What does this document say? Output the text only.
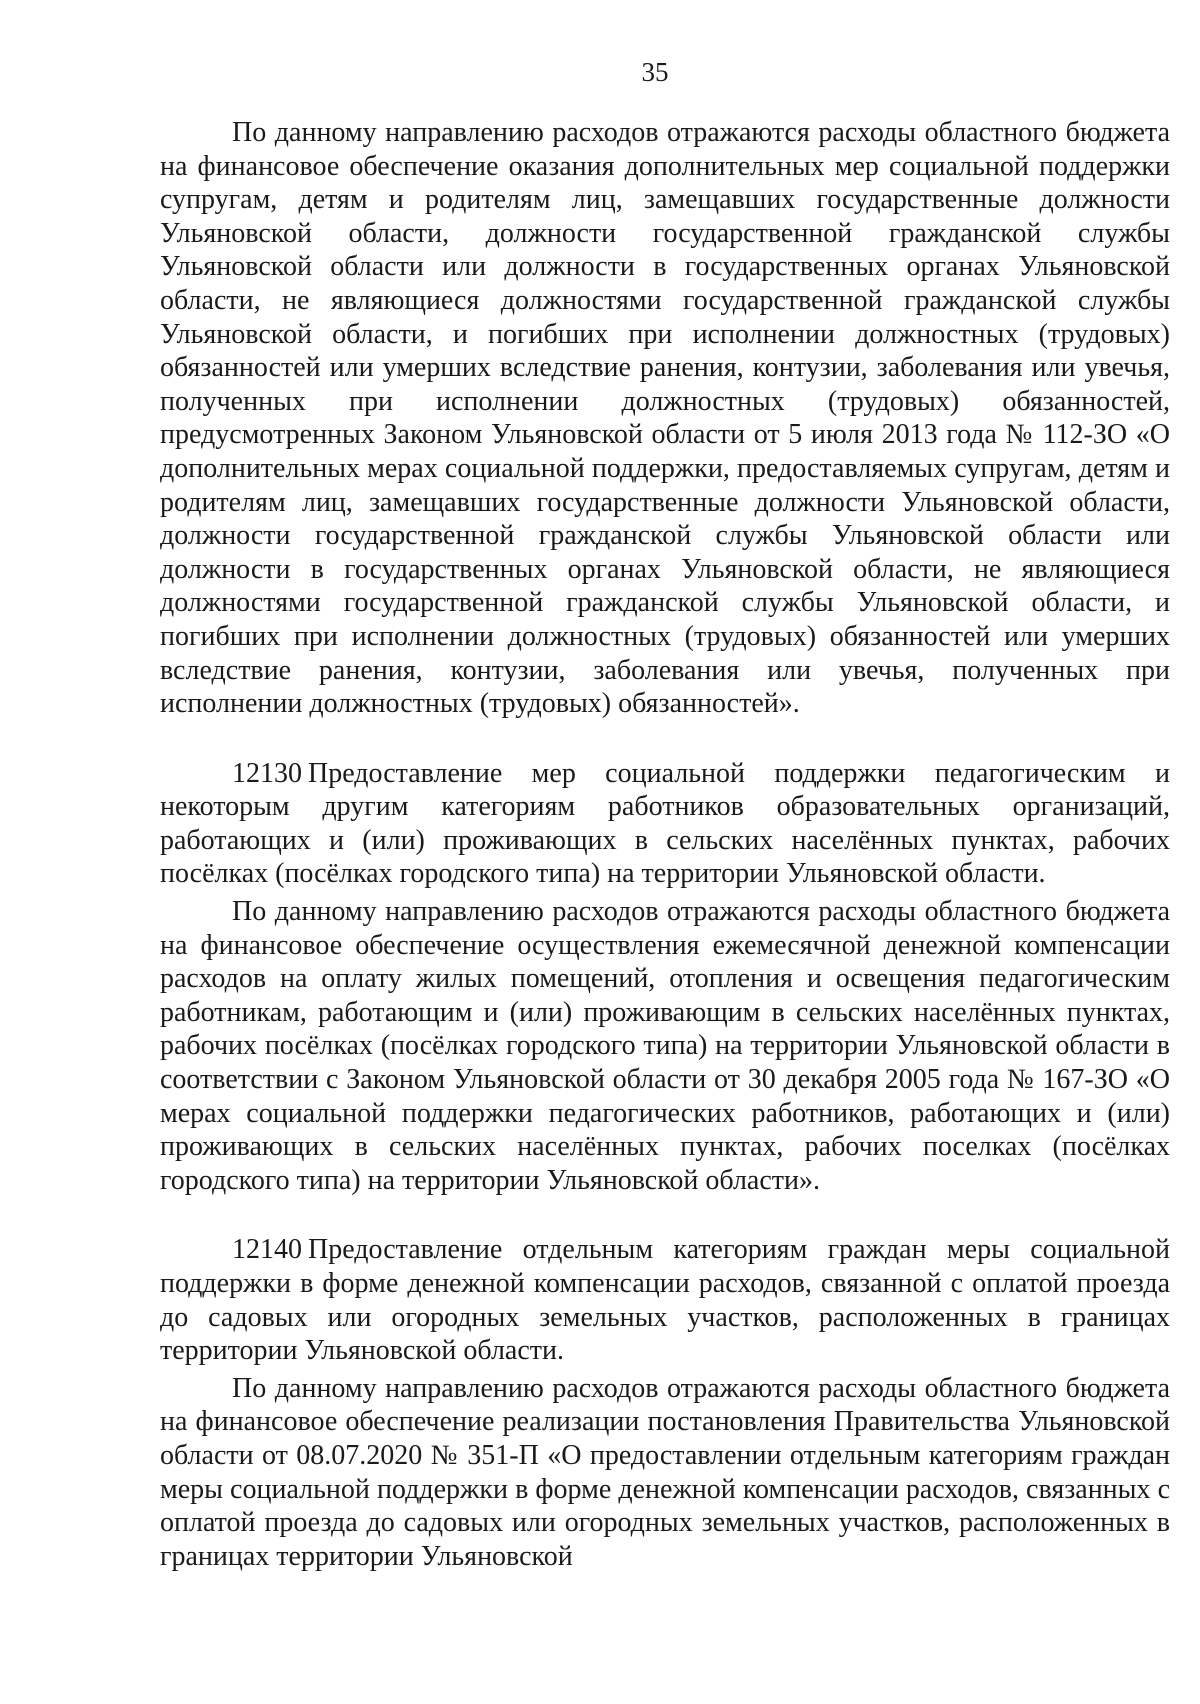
35

По данному направлению расходов отражаются расходы областного бюджета на финансовое обеспечение оказания дополнительных мер социальной поддержки супругам, детям и родителям лиц, замещавших государственные должности Ульяновской области, должности государственной гражданской службы Ульяновской области или должности в государственных органах Ульяновской области, не являющиеся должностями государственной гражданской службы Ульяновской области, и погибших при исполнении должностных (трудовых) обязанностей или умерших вследствие ранения, контузии, заболевания или увечья, полученных при исполнении должностных (трудовых) обязанностей, предусмотренных Законом Ульяновской области от 5 июля 2013 года № 112-ЗО «О дополнительных мерах социальной поддержки, предоставляемых супругам, детям и родителям лиц, замещавших государственные должности Ульяновской области, должности государственной гражданской службы Ульяновской области или должности в государственных органах Ульяновской области, не являющиеся должностями государственной гражданской службы Ульяновской области, и погибших при исполнении должностных (трудовых) обязанностей или умерших вследствие ранения, контузии, заболевания или увечья, полученных при исполнении должностных (трудовых) обязанностей».

12130 Предоставление мер социальной поддержки педагогическим и некоторым другим категориям работников образовательных организаций, работающих и (или) проживающих в сельских населённых пунктах, рабочих посёлках (посёлках городского типа) на территории Ульяновской области.

По данному направлению расходов отражаются расходы областного бюджета на финансовое обеспечение осуществления ежемесячной денежной компенсации расходов на оплату жилых помещений, отопления и освещения педагогическим работникам, работающим и (или) проживающим в сельских населённых пунктах, рабочих посёлках (посёлках городского типа) на территории Ульяновской области в соответствии с Законом Ульяновской области от 30 декабря 2005 года № 167-ЗО «О мерах социальной поддержки педагогических работников, работающих и (или) проживающих в сельских населённых пунктах, рабочих поселках (посёлках городского типа) на территории Ульяновской области».

12140 Предоставление отдельным категориям граждан меры социальной поддержки в форме денежной компенсации расходов, связанной с оплатой проезда до садовых или огородных земельных участков, расположенных в границах территории Ульяновской области.

По данному направлению расходов отражаются расходы областного бюджета на финансовое обеспечение реализации постановления Правительства Ульяновской области от 08.07.2020 № 351-П «О предоставлении отдельным категориям граждан меры социальной поддержки в форме денежной компенсации расходов, связанных с оплатой проезда до садовых или огородных земельных участков, расположенных в границах территории Ульяновской
